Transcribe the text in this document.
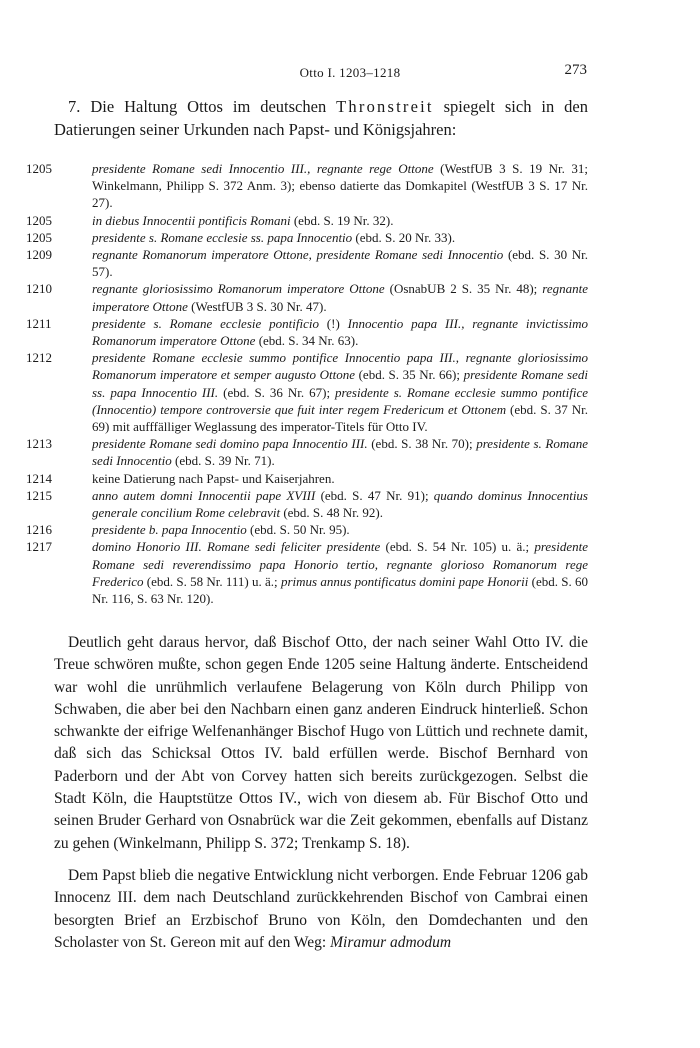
Otto I. 1203–1218	273

7. Die Haltung Ottos im deutschen Thronstreit spiegelt sich in den Datierungen seiner Urkunden nach Papst- und Königsjahren:

1205	presidente Romane sedi Innocentio III., regnante rege Ottone (WestfUB 3 S. 19 Nr. 31; Winkelmann, Philipp S. 372 Anm. 3); ebenso datierte das Domkapitel (WestfUB 3 S. 17 Nr. 27).
1205	in diebus Innocentii pontificis Romani (ebd. S. 19 Nr. 32).
1205	presidente s. Romane ecclesie ss. papa Innocentio (ebd. S. 20 Nr. 33).
1209	regnante Romanorum imperatore Ottone, presidente Romane sedi Innocentio (ebd. S. 30 Nr. 57).
1210	regnante gloriosissimo Romanorum imperatore Ottone (OsnabUB 2 S. 35 Nr. 48); regnante imperatore Ottone (WestfUB 3 S. 30 Nr. 47).
1211	presidente s. Romane ecclesie pontificio (!) Innocentio papa III., regnante invictissimo Romanorum imperatore Ottone (ebd. S. 34 Nr. 63).
1212	presidente Romane ecclesie summo pontifice Innocentio papa III., regnante gloriosissimo Romanorum imperatore et semper augusto Ottone (ebd. S. 35 Nr. 66); presidente Romane sedi ss. papa Innocentio III. (ebd. S. 36 Nr. 67); presidente s. Romane ecclesie summo pontifice (Innocentio) tempore controversie que fuit inter regem Fredericum et Ottonem (ebd. S. 37 Nr. 69) mit aufffälliger Weglassung des imperator-Titels für Otto IV.
1213	presidente Romane sedi domino papa Innocentio III. (ebd. S. 38 Nr. 70); presidente s. Romane sedi Innocentio (ebd. S. 39 Nr. 71).
1214	keine Datierung nach Papst- und Kaiserjahren.
1215	anno autem domni Innocentii pape XVIII (ebd. S. 47 Nr. 91); quando dominus Innocentius generale concilium Rome celebravit (ebd. S. 48 Nr. 92).
1216	presidente b. papa Innocentio (ebd. S. 50 Nr. 95).
1217	domino Honorio III. Romane sedi feliciter presidente (ebd. S. 54 Nr. 105) u. ä.; presidente Romane sedi reverendissimo papa Honorio tertio, regnante glorioso Romanorum rege Frederico (ebd. S. 58 Nr. 111) u. ä.; primus annus pontificatus domini pape Honorii (ebd. S. 60 Nr. 116, S. 63 Nr. 120).

Deutlich geht daraus hervor, daß Bischof Otto, der nach seiner Wahl Otto IV. die Treue schwören mußte, schon gegen Ende 1205 seine Haltung änderte. Entscheidend war wohl die unrühmlich verlaufene Belagerung von Köln durch Philipp von Schwaben, die aber bei den Nachbarn einen ganz anderen Eindruck hinterließ. Schon schwankte der eifrige Welfenanhänger Bischof Hugo von Lüttich und rechnete damit, daß sich das Schicksal Ottos IV. bald erfüllen werde. Bischof Bernhard von Paderborn und der Abt von Corvey hatten sich bereits zurückgezogen. Selbst die Stadt Köln, die Hauptstütze Ottos IV., wich von diesem ab. Für Bischof Otto und seinen Bruder Gerhard von Osnabrück war die Zeit gekommen, ebenfalls auf Distanz zu gehen (Winkelmann, Philipp S. 372; Trenkamp S. 18).

Dem Papst blieb die negative Entwicklung nicht verborgen. Ende Februar 1206 gab Innocenz III. dem nach Deutschland zurückkehrenden Bischof von Cambrai einen besorgten Brief an Erzbischof Bruno von Köln, den Domdechanten und den Scholaster von St. Gereon mit auf den Weg: Miramur admodum
